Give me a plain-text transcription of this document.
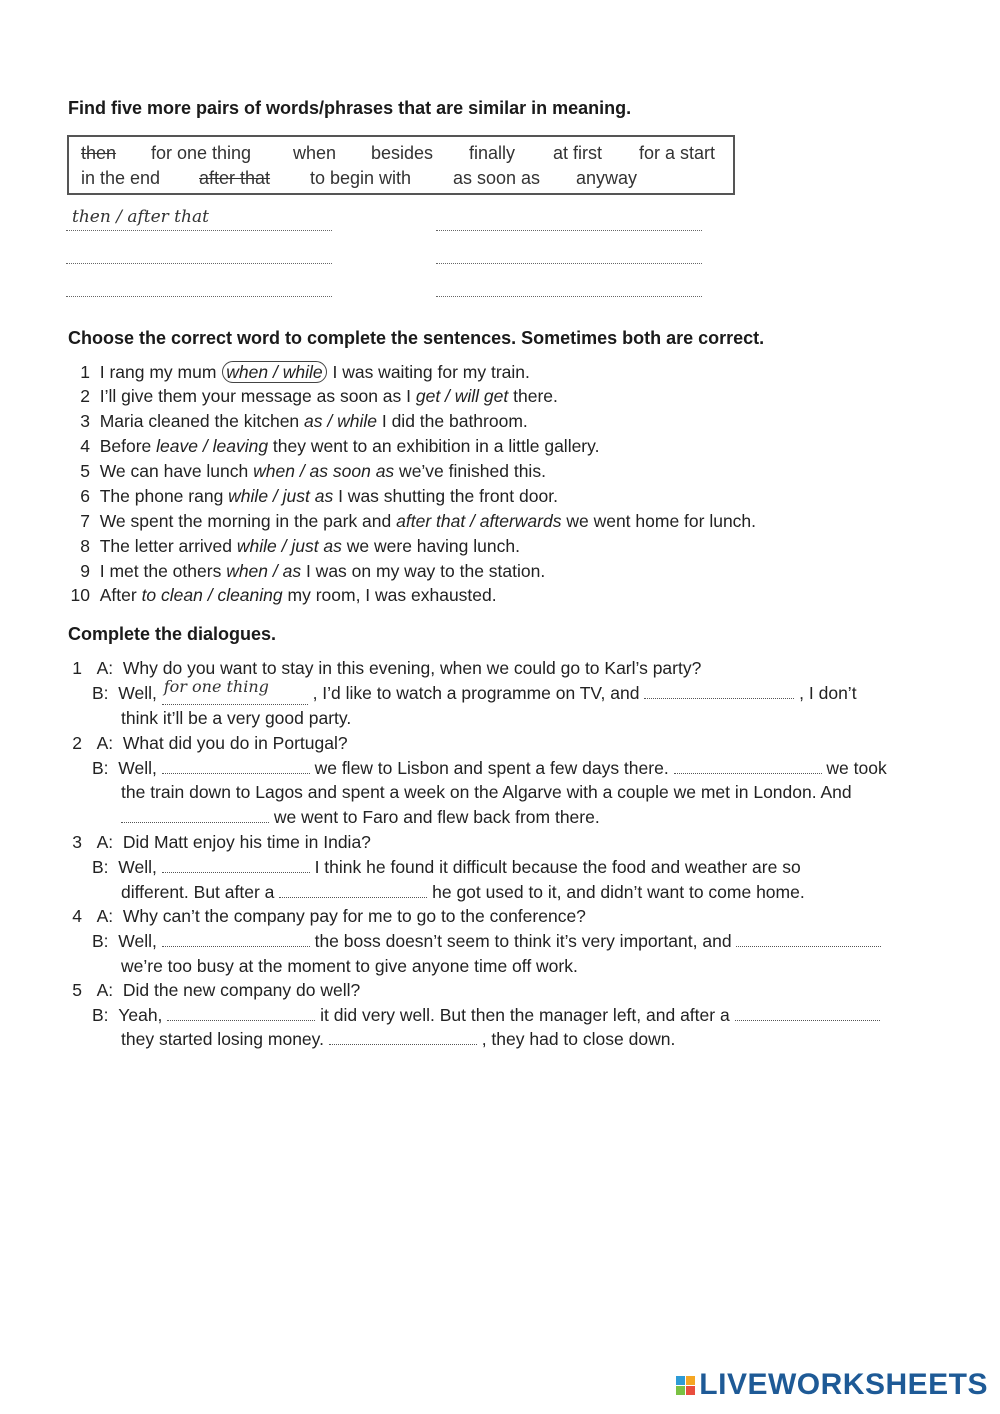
Find five more pairs of words/phrases that are similar in meaning.
then for one thing when besides finally at first for a start
in the end after that to begin with as soon as anyway
then / after that
Choose the correct word to complete the sentences. Sometimes both are correct.
1 I rang my mum when / while I was waiting for my train.
2 I’ll give them your message as soon as I get / will get there.
3 Maria cleaned the kitchen as / while I did the bathroom.
4 Before leave / leaving they went to an exhibition in a little gallery.
5 We can have lunch when / as soon as we’ve finished this.
6 The phone rang while / just as I was shutting the front door.
7 We spent the morning in the park and after that / afterwards we went home for lunch.
8 The letter arrived while / just as we were having lunch.
9 I met the others when / as I was on my way to the station.
10 After to clean / cleaning my room, I was exhausted.
Complete the dialogues.
1 A: Why do you want to stay in this evening, when we could go to Karl’s party?
B: Well, for one thing , I’d like to watch a programme on TV, and	, I don’t
think it’ll be a very good party.
2 A: What did you do in Portugal?
B: Well,	we flew to Lisbon and spent a few days there.	we took
the train down to Lagos and spent a week on the Algarve with a couple we met in London. And
we went to Faro and flew back from there.
3 A: Did Matt enjoy his time in India?
B: Well,	I think he found it difficult because the food and weather are so
different. But after a	he got used to it, and didn’t want to come home.
4 A: Why can’t the company pay for me to go to the conference?
B: Well,	the boss doesn’t seem to think it’s very important, and
we’re too busy at the moment to give anyone time off work.
5 A: Did the new company do well?
B: Yeah,	it did very well. But then the manager left, and after a
they started losing money.	, they had to close down.
LIVEWORKSHEETS
